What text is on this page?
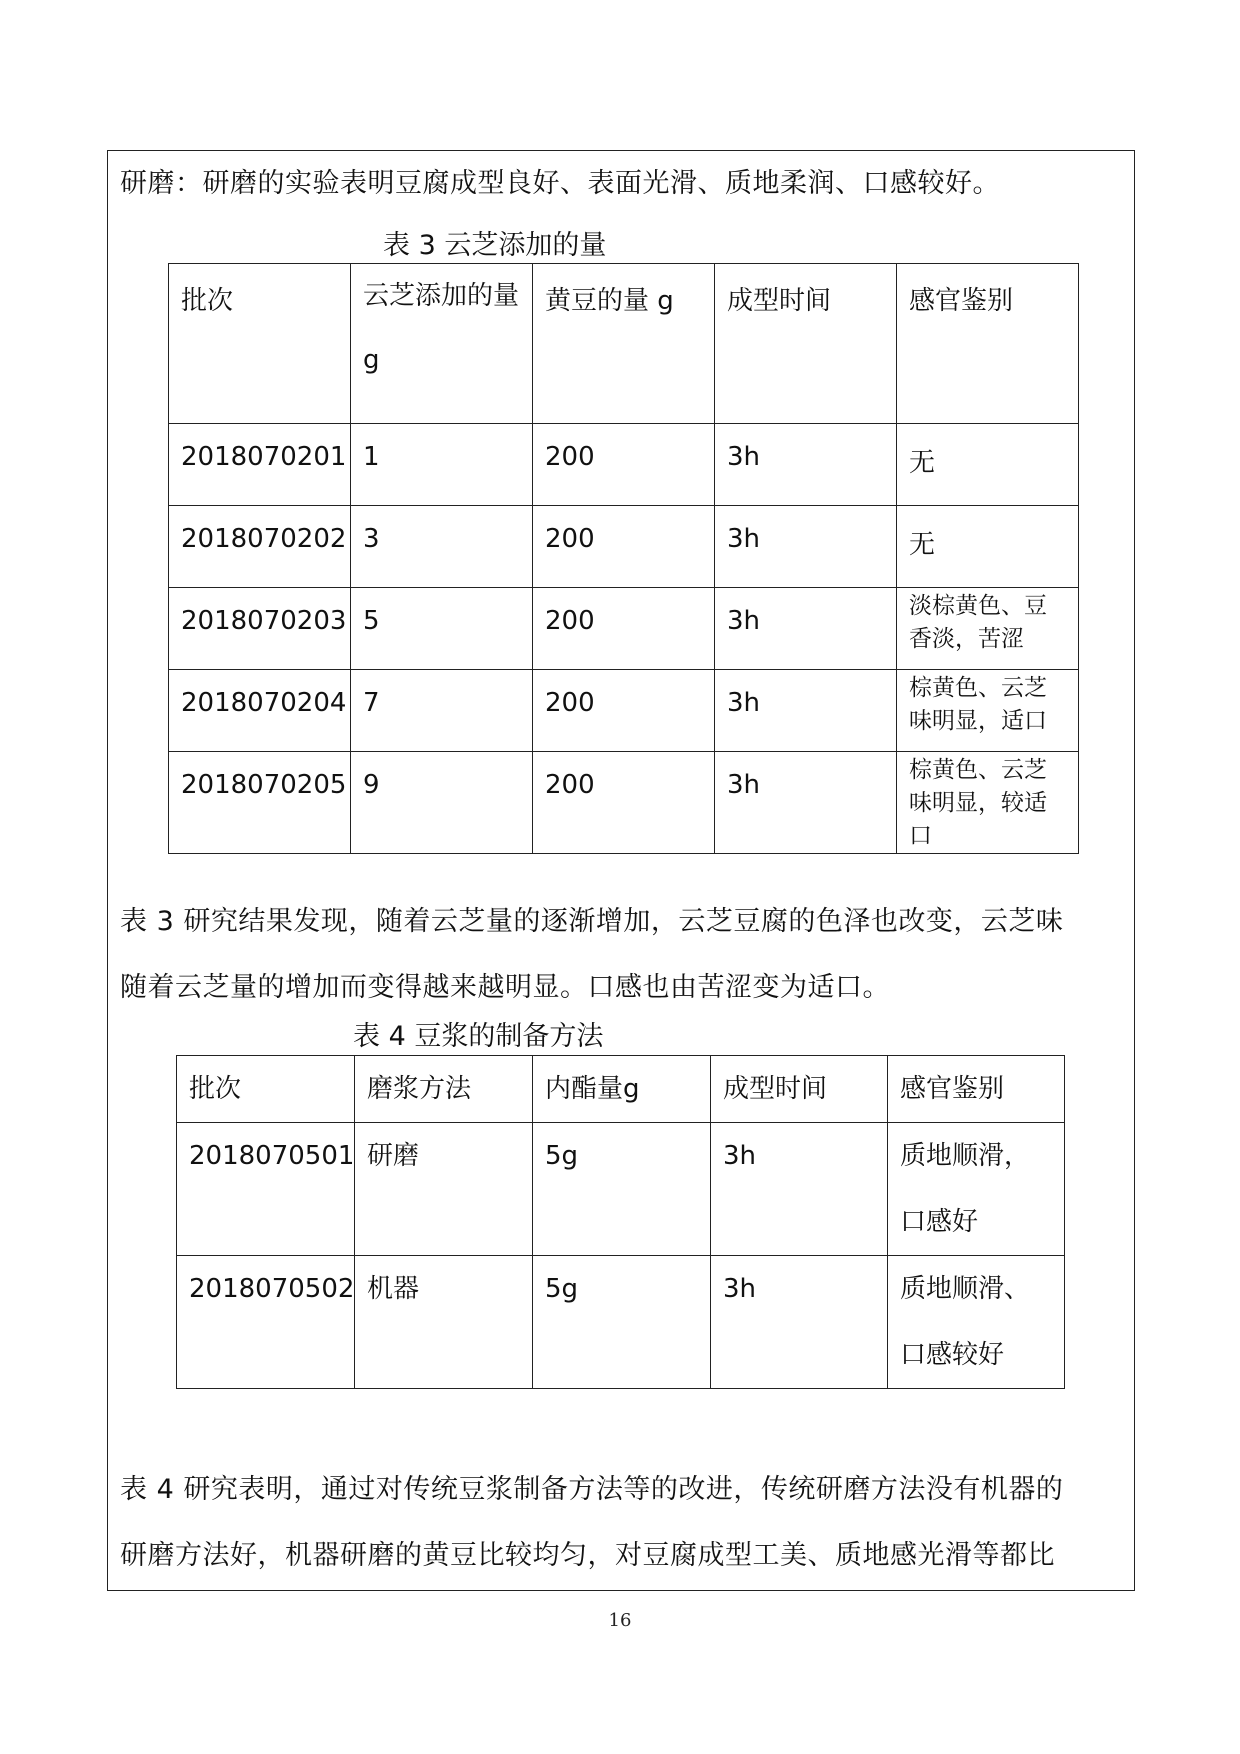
研磨：研磨的实验表明豆腐成型良好、表面光滑、质地柔润、口感较好。

表 3 云芝添加的量

批次	云芝添加的量 g	黄豆的量 g	成型时间	感官鉴别
2018070201	1	200	3h	无
2018070202	3	200	3h	无
2018070203	5	200	3h	淡棕黄色、豆香淡，苦涩
2018070204	7	200	3h	棕黄色、云芝味明显，适口
2018070205	9	200	3h	棕黄色、云芝味明显，较适口

表 3 研究结果发现，随着云芝量的逐渐增加，云芝豆腐的色泽也改变，云芝味

随着云芝量的增加而变得越来越明显。口感也由苦涩变为适口。

表 4 豆浆的制备方法

批次	磨浆方法	内酯量g	成型时间	感官鉴别
2018070501	研磨	5g	3h	质地顺滑，口感好
2018070502	机器	5g	3h	质地顺滑、口感较好

表 4 研究表明，通过对传统豆浆制备方法等的改进，传统研磨方法没有机器的

研磨方法好，机器研磨的黄豆比较均匀，对豆腐成型工美、质地感光滑等都比

16
